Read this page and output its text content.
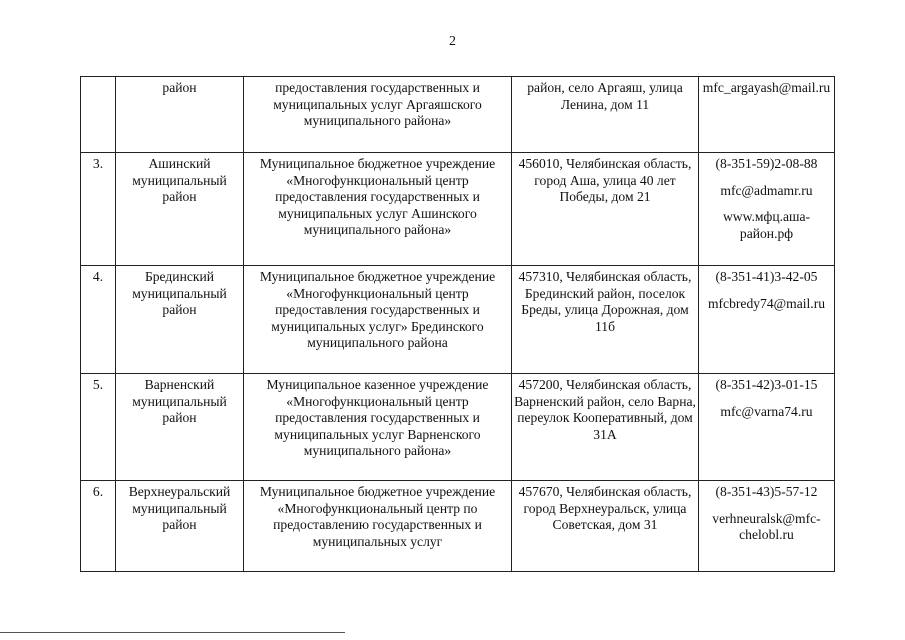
2
	район	предоставления государственных и муниципальных услуг Аргаяшского муниципального района»	район, село Аргаяш, улица Ленина, дом 11	mfc_argayash@mail.ru

3.	Ашинский муниципальный район	Муниципальное бюджетное учреждение «Многофункциональный центр предоставления государственных и муниципальных услуг Ашинского муниципального района»	456010, Челябинская область, город Аша, улица 40 лет Победы, дом 21	(8-351-59)2-08-88
mfc@admamr.ru
www.мфц.аша-район.рф

4.	Брединский муниципальный район	Муниципальное бюджетное учреждение «Многофункциональный центр предоставления государственных и муниципальных услуг» Брединского муниципального района	457310, Челябинская область, Брединский район, поселок Бреды, улица Дорожная, дом 11б	(8-351-41)3-42-05
mfcbredy74@mail.ru

5.	Варненский муниципальный район	Муниципальное казенное учреждение «Многофункциональный центр предоставления государственных и муниципальных услуг Варненского муниципального района»	457200, Челябинская область, Варненский район, село Варна, переулок Кооперативный, дом 31А	(8-351-42)3-01-15
mfc@varna74.ru

6.	Верхнеуральский муниципальный район	Муниципальное бюджетное учреждение «Многофункциональный центр по предоставлению государственных и муниципальных услуг	457670, Челябинская область, город Верхнеуральск, улица Советская, дом 31	(8-351-43)5-57-12
verhneuralsk@mfc-chelobl.ru
